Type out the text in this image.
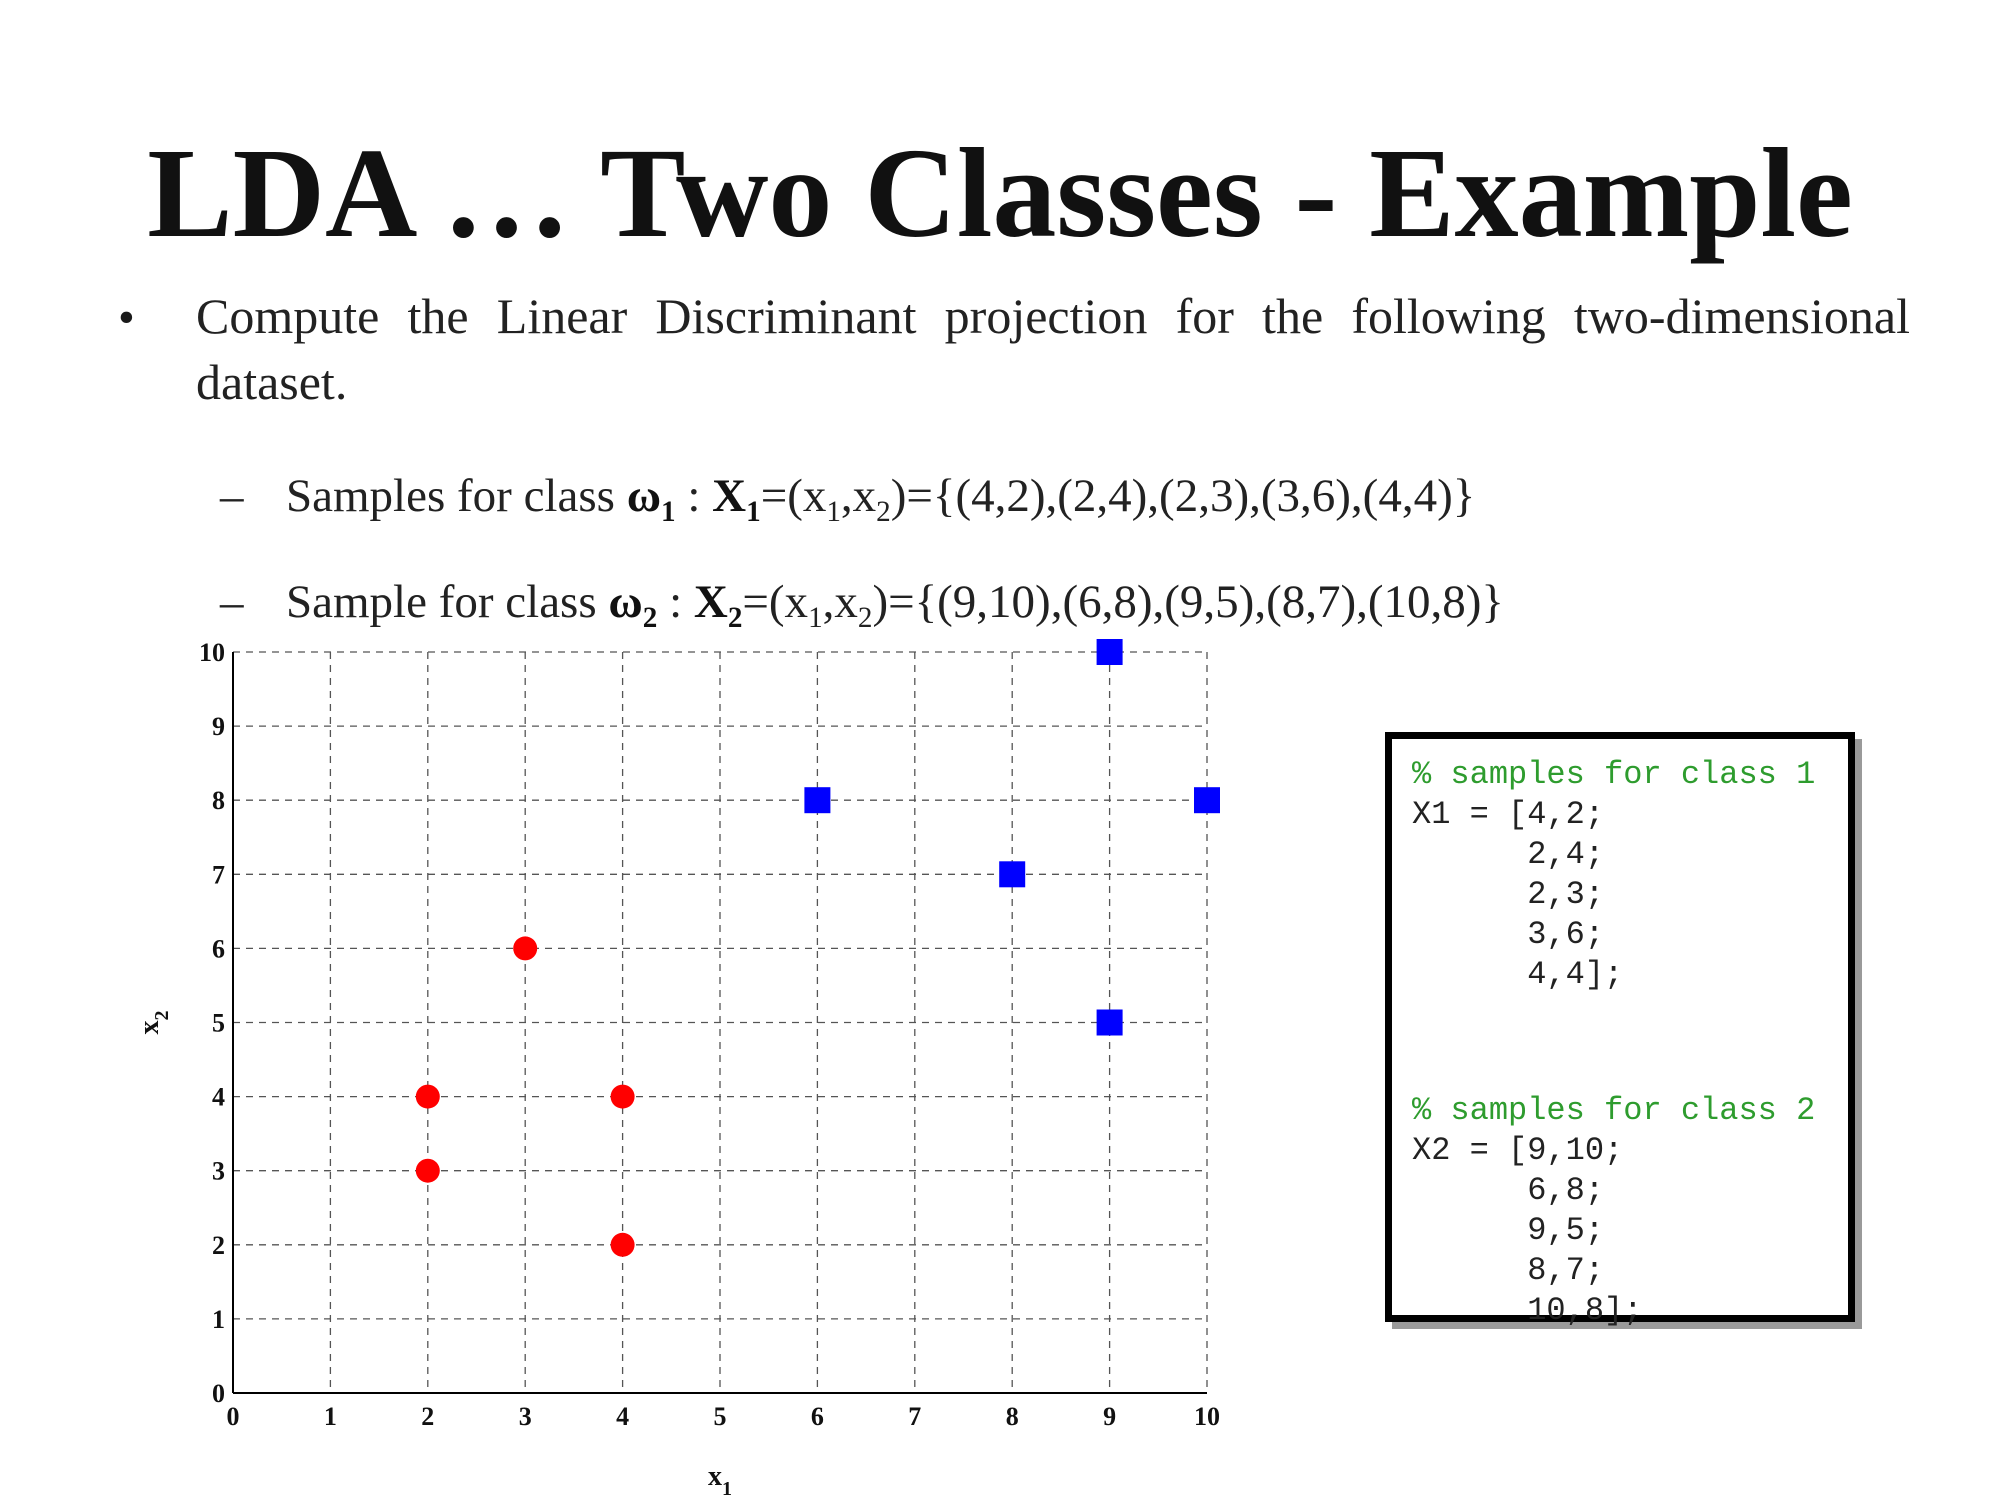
LDA … Two Classes - Example
• Compute the Linear Discriminant projection for the following two-dimensional dataset.
– Samples for class $\omega_1$ : $X_1=(x_1,x_2)=\{(4,2),(2,4),(2,3),(3,6),(4,4)\}$
– Sample for class $\omega_2$ : $X_2=(x_1,x_2)=\{(9,10),(6,8),(9,5),(8,7),(10,8)\}$
0	1	2	3	4	5	6	7	8	9	10
0
1
2
3
4
5
6
7
8
9
10
$x_1$
$x_2$
% samples for class 1
X1 = [4,2;
2,4;
2,3;
3,6;
4,4];
% samples for class 2
X2 = [9,10;
6,8;
9,5;
8,7;
10,8];
